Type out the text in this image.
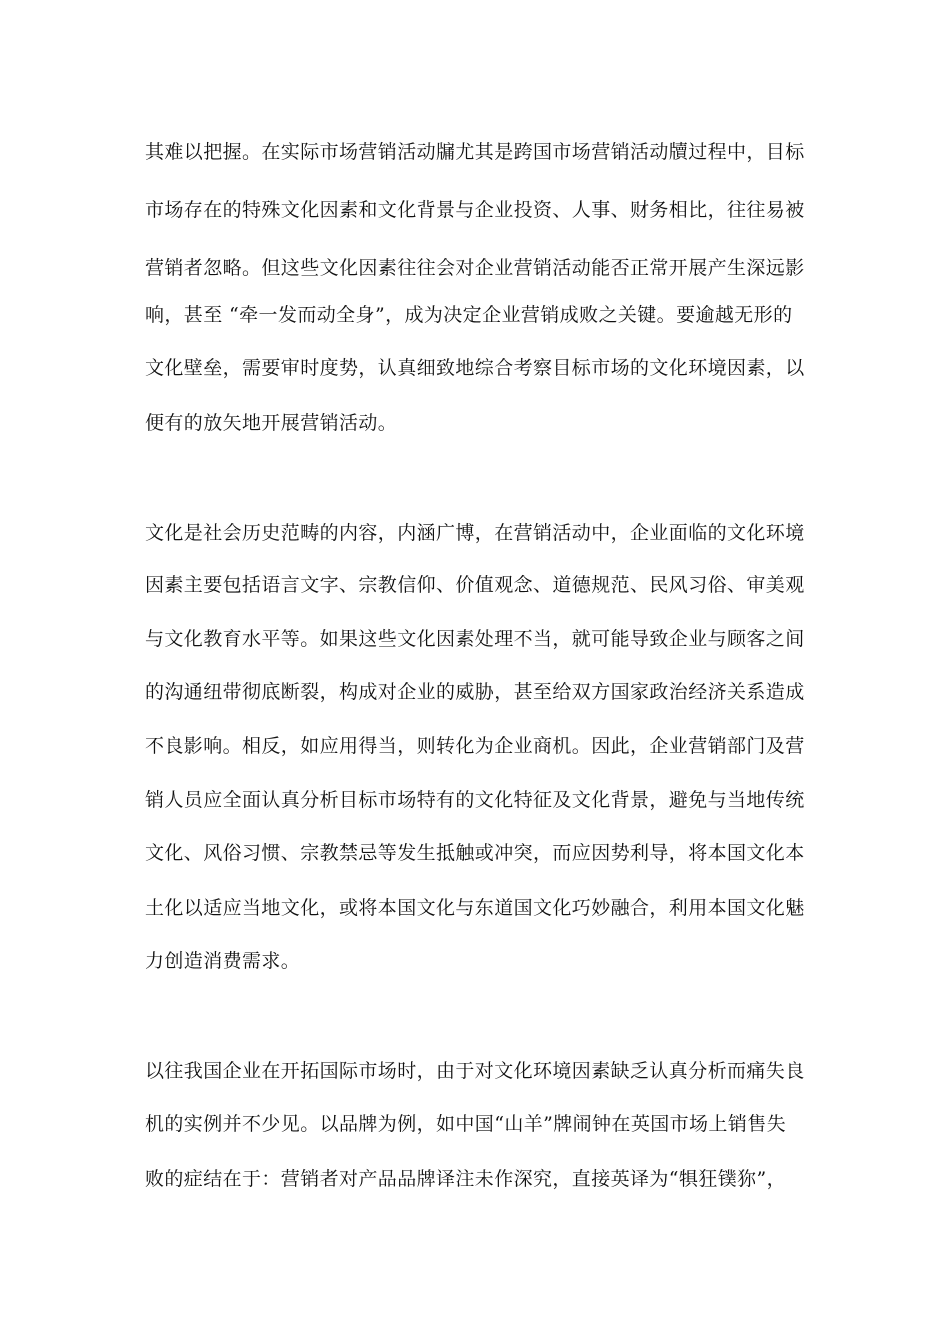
其难以把握。在实际市场营销活动牖尤其是跨国市场营销活动牘过程中，目标
市场存在的特殊文化因素和文化背景与企业投资、人事、财务相比，往往易被
营销者忽略。但这些文化因素往往会对企业营销活动能否正常开展产生深远影
响，甚至 “牵一发而动全身”，成为决定企业营销成败之关键。要逾越无形的
文化壁垒，需要审时度势，认真细致地综合考察目标市场的文化环境因素，以
便有的放矢地开展营销活动。
文化是社会历史范畴的内容，内涵广博，在营销活动中，企业面临的文化环境
因素主要包括语言文字、宗教信仰、价值观念、道德规范、民风习俗、审美观
与文化教育水平等。如果这些文化因素处理不当，就可能导致企业与顾客之间
的沟通纽带彻底断裂，构成对企业的威胁，甚至给双方国家政治经济关系造成
不良影响。相反，如应用得当，则转化为企业商机。因此，企业营销部门及营
销人员应全面认真分析目标市场特有的文化特征及文化背景，避免与当地传统
文化、风俗习惯、宗教禁忌等发生抵触或冲突，而应因势利导，将本国文化本
土化以适应当地文化，或将本国文化与东道国文化巧妙融合，利用本国文化魅
力创造消费需求。
以往我国企业在开拓国际市场时，由于对文化环境因素缺乏认真分析而痛失良
机的实例并不少见。以品牌为例，如中国“山羊”牌闹钟在英国市场上销售失
败的症结在于：营销者对产品品牌译注未作深究，直接英译为“犋狂镤狝”，
